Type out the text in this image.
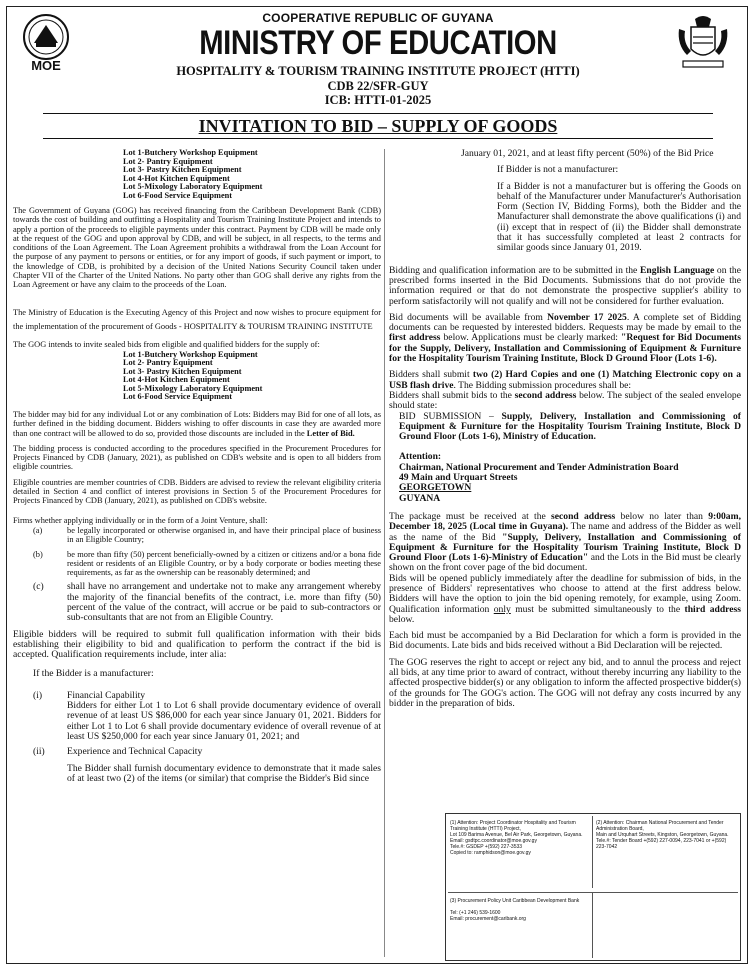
MOE
COOPERATIVE REPUBLIC OF GUYANA
MINISTRY OF EDUCATION
HOSPITALITY & TOURISM TRAINING INSTITUTE PROJECT (HTTI)
CDB 22/SFR-GUY
ICB: HTTI-01-2025
INVITATION TO BID – SUPPLY OF GOODS
Lot 1-Butchery Workshop Equipment
Lot 2- Pantry Equipment
Lot 3- Pastry Kitchen Equipment
Lot 4-Hot Kitchen Equipment
Lot 5-Mixology Laboratory Equipment
Lot 6-Food Service Equipment

The Government of Guyana (GOG) has received financing from the Caribbean Development Bank (CDB) towards the cost of building and outfitting a Hospitality and Tourism Training Institute Project and intends to apply a portion of the proceeds to eligible payments under this contract. Payment by CDB will be made only at the request of the GOG and upon approval by CDB, and will be subject, in all respects, to the terms and conditions of the Loan Agreement. The Loan Agreement prohibits a withdrawal from the Loan Account for the purpose of any payment to persons or entities, or for any import of goods, if such payment or import, to the knowledge of CDB, is prohibited by a decision of the United Nations Security Council taken under Chapter VII of the Charter of the United Nations. No party other than GOG shall derive any rights from the Loan Agreement or have any claim to the proceeds of the Loan.

The Ministry of Education is the Executing Agency of this Project and now wishes to procure equipment for the implementation of the procurement of Goods - HOSPITALITY & TOURISM TRAINING INSTITUTE

The GOG intends to invite sealed bids from eligible and qualified bidders for the supply of:

Lot 1-Butchery Workshop Equipment
Lot 2- Pantry Equipment
Lot 3- Pastry Kitchen Equipment
Lot 4-Hot Kitchen Equipment
Lot 5-Mixology Laboratory Equipment
Lot 6-Food Service Equipment

The bidder may bid for any individual Lot or any combination of Lots: Bidders may Bid for one of all lots, as further defined in the bidding document. Bidders wishing to offer discounts in case they are awarded more than one contract will be allowed to do so, provided those discounts are included in the Letter of Bid.

The bidding process is conducted according to the procedures specified in the Procurement Procedures for Projects Financed by CDB (January, 2021), as published on CDB's website and is open to all bidders from eligible countries.

Eligible countries are member countries of CDB. Bidders are advised to review the relevant eligibility criteria detailed in Section 4 and conflict of interest provisions in Section 5 of the Procurement Procedures for Projects Financed by CDB (January, 2021), as published on CDB's website.

Firms whether applying individually or in the form of a Joint Venture, shall:

(a)	be legally incorporated or otherwise organised in, and have their principal place of business in an Eligible Country;
(b)	be more than fifty (50) percent beneficially-owned by a citizen or citizens and/or a bona fide resident or residents of an Eligible Country, or by a body corporate or bodies meeting these requirements, as far as the ownership can be reasonably determined; and
(c)	shall have no arrangement and undertake not to make any arrangement whereby the majority of the financial benefits of the contract, i.e. more than fifty (50) percent of the value of the contract, will accrue or be paid to sub-contractors or sub-consultants that are not from an Eligible Country.

Eligible bidders will be required to submit full qualification information with their bids establishing their eligibility to bid and qualification to perform the contract if the bid is accepted. Qualification requirements include, inter alia:

If the Bidder is a manufacturer:

(i)	Financial Capability
Bidders for either Lot 1 to Lot 6 shall provide documentary evidence of overall revenue of at least US $86,000 for each year since January 01, 2021. Bidders for either Lot 1 to Lot 6 shall provide documentary evidence of overall revenue of at least US $250,000 for each year since January 01, 2021; and
(ii)	Experience and Technical Capacity

The Bidder shall furnish documentary evidence to demonstrate that it made sales of at least two (2) of the items (or similar) that comprise the Bidder's Bid since

January 01, 2021, and at least fifty percent (50%) of the Bid Price

If Bidder is not a manufacturer:

If a Bidder is not a manufacturer but is offering the Goods on behalf of the Manufacturer under Manufacturer's Authorisation Form (Section IV, Bidding Forms), both the Bidder and the Manufacturer shall demonstrate the above qualifications (i) and (ii) except that in respect of (ii) the Bidder shall demonstrate that it has successfully completed at least 2 contracts for similar goods since January 01, 2019.

Bidding and qualification information are to be submitted in the English Language on the prescribed forms inserted in the Bid Documents. Submissions that do not provide the information required or that do not demonstrate the prospective supplier's ability to perform satisfactorily will not qualify and will not be considered for further evaluation.

Bid documents will be available from November 17 2025. A complete set of Bidding documents can be requested by interested bidders. Requests may be made by email to the first address below. Applications must be clearly marked: "Request for Bid Documents for the Supply, Delivery, Installation and Commissioning of Equipment & Furniture for the Hospitality Tourism Training Institute, Block D Ground Floor (Lots 1-6).

Bidders shall submit two (2) Hard Copies and one (1) Matching Electronic copy on a USB flash drive. The Bidding submission procedures shall be:

Bidders shall submit bids to the second address below. The subject of the sealed envelope should state:

BID SUBMISSION – Supply, Delivery, Installation and Commissioning of Equipment & Furniture for the Hospitality Tourism Training Institute, Block D Ground Floor (Lots 1-6), Ministry of Education.

Attention:
Chairman, National Procurement and Tender Administration Board
49 Main and Urquart Streets
GEORGETOWN
GUYANA

The package must be received at the second address below no later than 9:00am, December 18, 2025 (Local time in Guyana). The name and address of the Bidder as well as the name of the Bid "Supply, Delivery, Installation and Commissioning of Equipment & Furniture for the Hospitality Tourism Training Institute, Block D Ground Floor (Lots 1-6)-Ministry of Education" and the Lots in the Bid must be clearly shown on the front cover page of the bid document.

Bids will be opened publicly immediately after the deadline for submission of bids, in the presence of Bidders' representatives who choose to attend at the first address below. Bidders will have the option to join the bid opening remotely, for example, using Zoom. Qualification information only must be submitted simultaneously to the third address below.

Each bid must be accompanied by a Bid Declaration for which a form is provided in the Bid documents. Late bids and bids received without a Bid Declaration will be rejected.

The GOG reserves the right to accept or reject any bid, and to annul the process and reject all bids, at any time prior to award of contract, without thereby incurring any liability to the affected prospective bidder(s) or any obligation to inform the affected prospective bidder(s) of the grounds for The GOG's action. The GOG will not defray any costs incurred by any bidder in the preparation of bids.

(1) Attention: Project Coordinator Hospitality and Tourism Training Institute (HTTI) Project,
Lot 109 Barima Avenue, Bel Air Park, Georgetown, Guyana.
Email: gsdtpc.coordinator@moe.gov.gy
Tele.#: GSDEP +(592) 227-3533
Copied to: ramphidson@moe.gov.gy
(2) Attention: Chairman National Procurement and Tender Administration Board,
Main and Urquhart Streets, Kingston, Georgetown, Guyana.
Tele.#: Tender Board +(592) 227-0094, 223-7041 or +(592) 223-7042
(3) Procurement Policy Unit Caribbean Development Bank
Tel: (+1 246) 539-1600
Email: procurement@caribank.org
